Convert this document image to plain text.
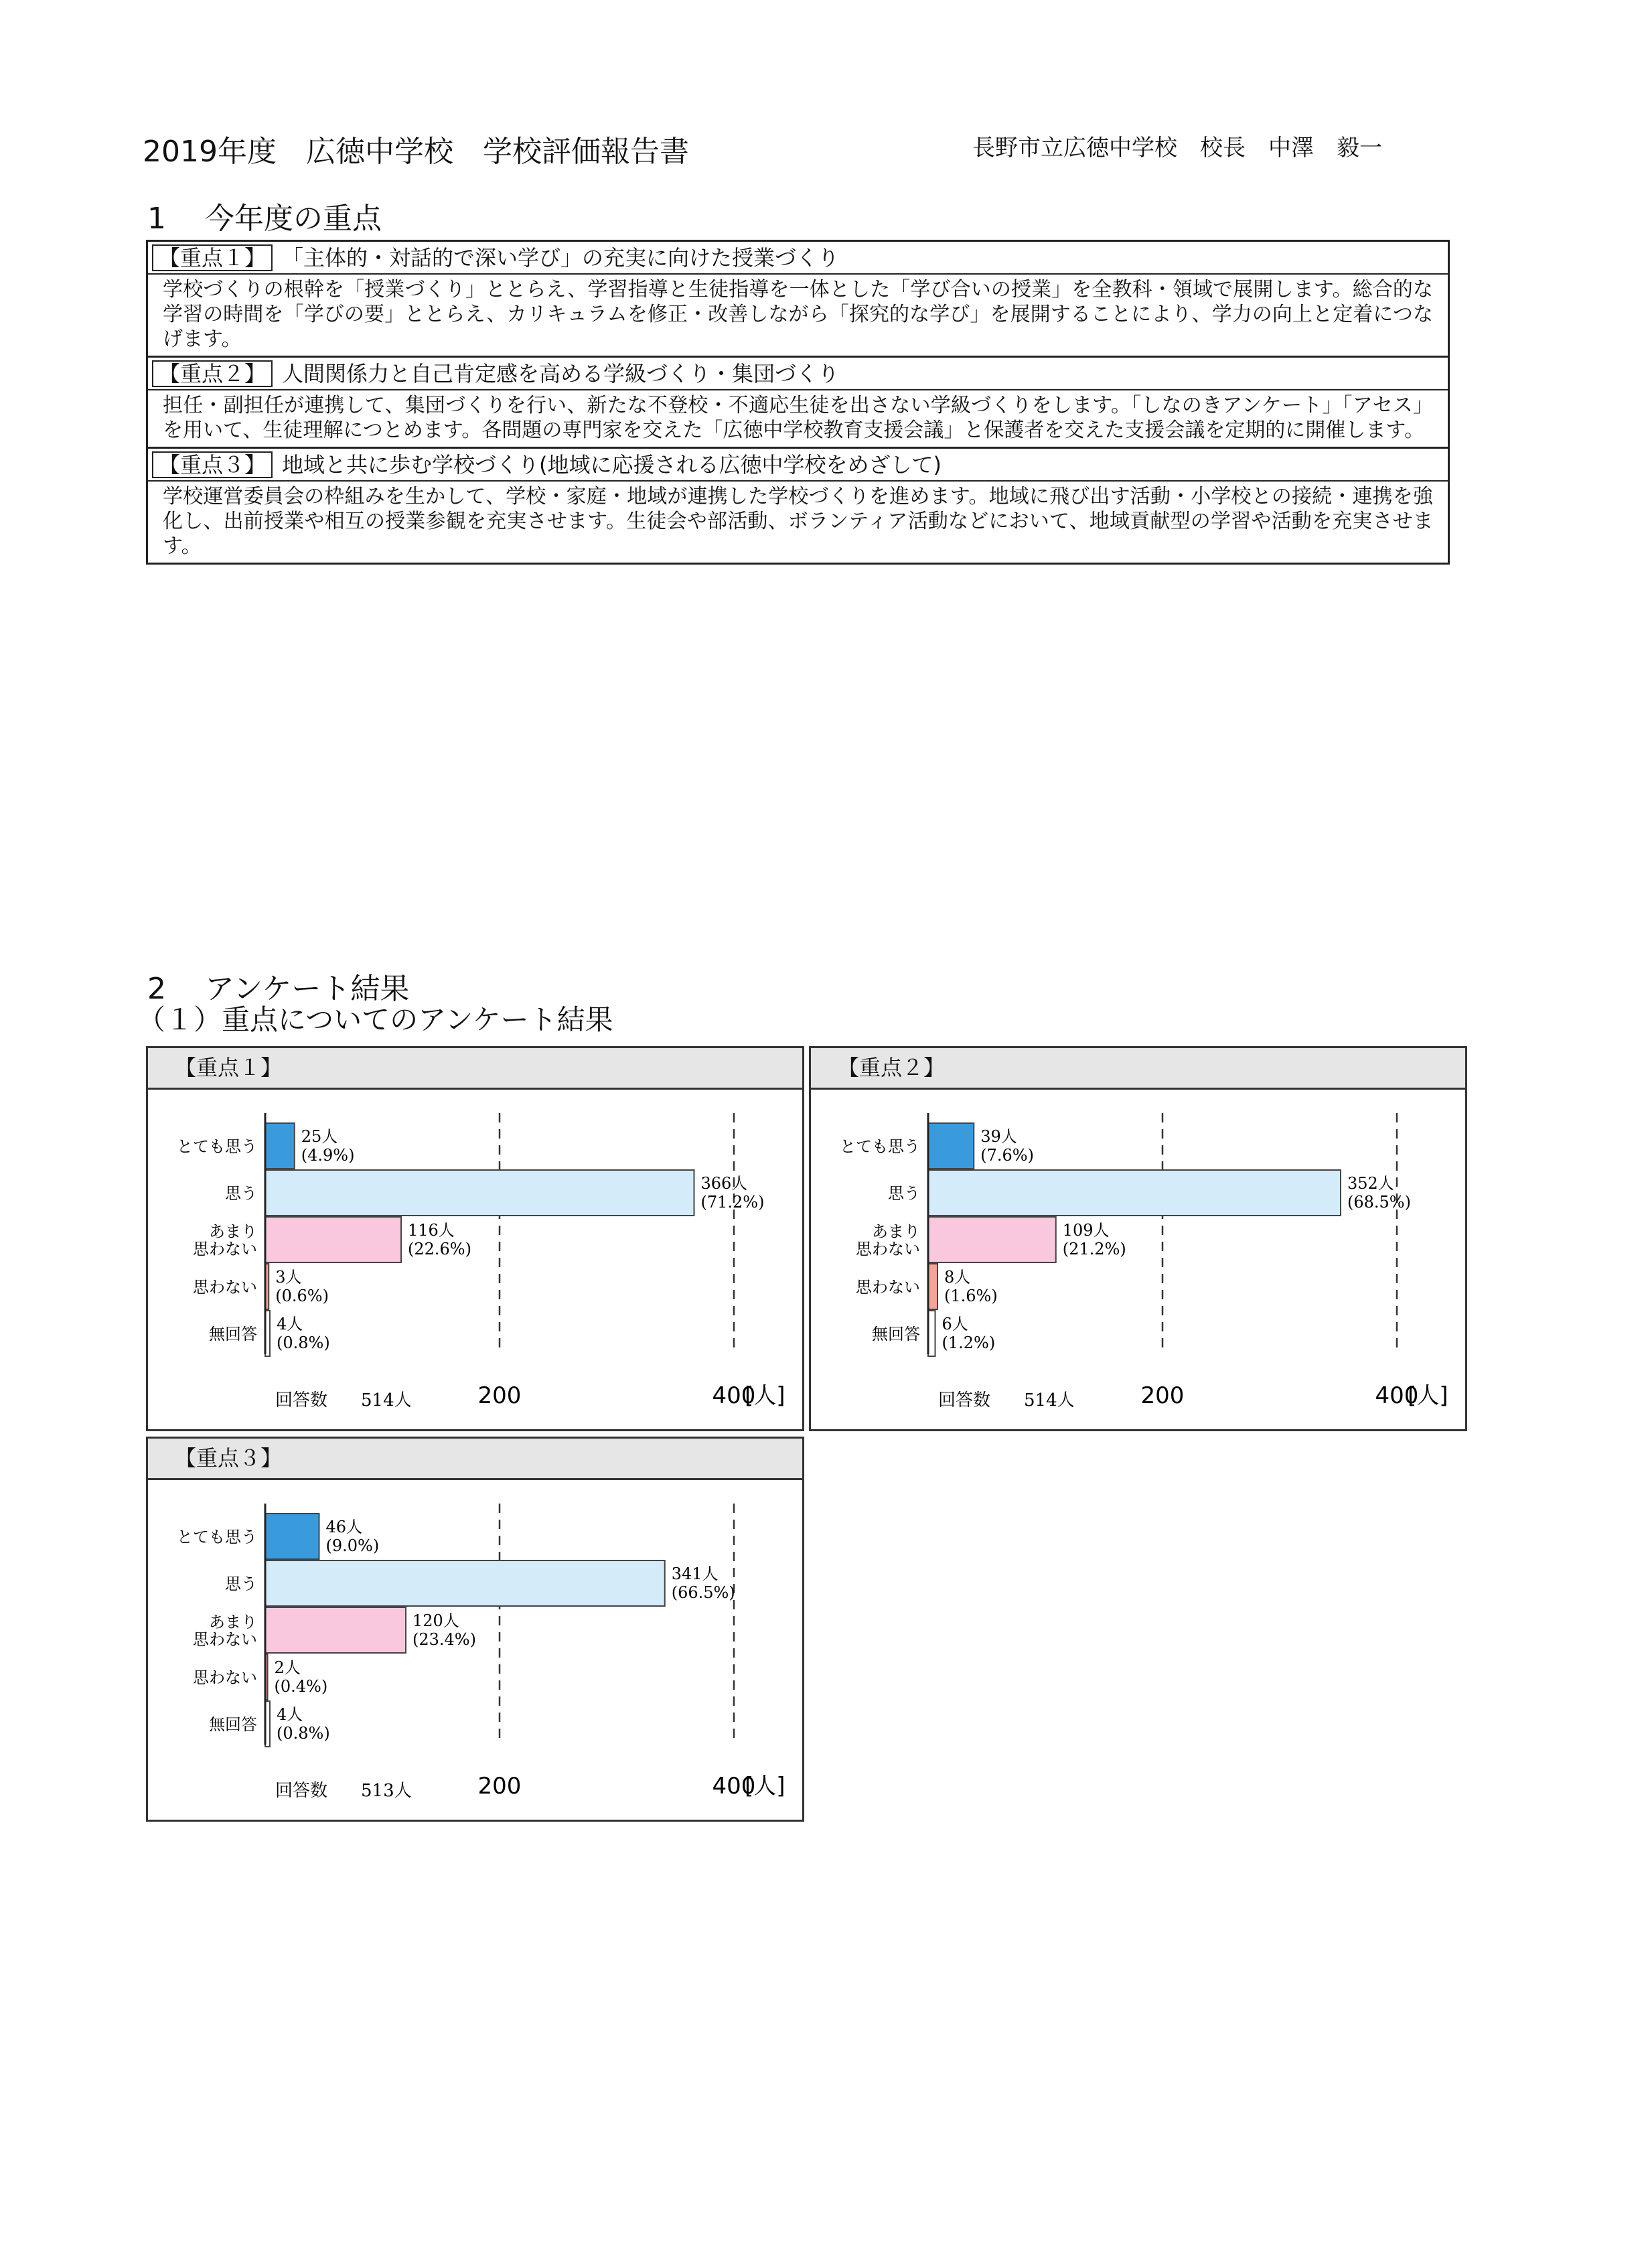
2019年度　広徳中学校　学校評価報告書	長野市立広徳中学校　校長　中澤　毅一
1　 今年度の重点
【重点１】 「主体的・対話的で深い学び」の充実に向けた授業づくり
学校づくりの根幹を「授業づくり」ととらえ、学習指導と生徒指導を一体とした「学び合いの授業」を全教科・領域で展開します。総合的な学習の時間を「学びの要」ととらえ、カリキュラムを修正・改善しながら「探究的な学び」を展開することにより、学力の向上と定着につなげます。
【重点２】 人間関係力と自己肯定感を高める学級づくり・集団づくり
担任・副担任が連携して、集団づくりを行い、新たな不登校・不適応生徒を出さない学級づくりをします。「しなのきアンケート」「アセス」を用いて、生徒理解につとめます。各問題の専門家を交えた「広徳中学校教育支援会議」と保護者を交えた支援会議を定期的に開催します。
【重点３】 地域と共に歩む学校づくり(地域に応援される広徳中学校をめざして)
学校運営委員会の枠組みを生かして、学校・家庭・地域が連携した学校づくりを進めます。地域に飛び出す活動・小学校との接続・連携を強化し、出前授業や相互の授業参観を充実させます。生徒会や部活動、ボランティア活動などにおいて、地域貢献型の学習や活動を充実させます。
2　 アンケート結果
（１）重点についてのアンケート結果
【重点１】
とても思う
25人
(4.9%)
思う
366人
(71.2%)
あまり
思わない
116人
(22.6%)
思わない
3人
(0.6%)
無回答
4人
(0.8%)
200	400
[人]
回答数 514人
【重点２】
とても思う
39人
(7.6%)
思う
352人
(68.5%)
あまり
思わない
109人
(21.2%)
思わない
8人
(1.6%)
無回答
6人
(1.2%)
200	400
[人]
回答数 514人
【重点３】
とても思う
46人
(9.0%)
思う
341人
(66.5%)
あまり
思わない
120人
(23.4%)
思わない
2人
(0.4%)
無回答
4人
(0.8%)
200	400
[人]
回答数 513人
